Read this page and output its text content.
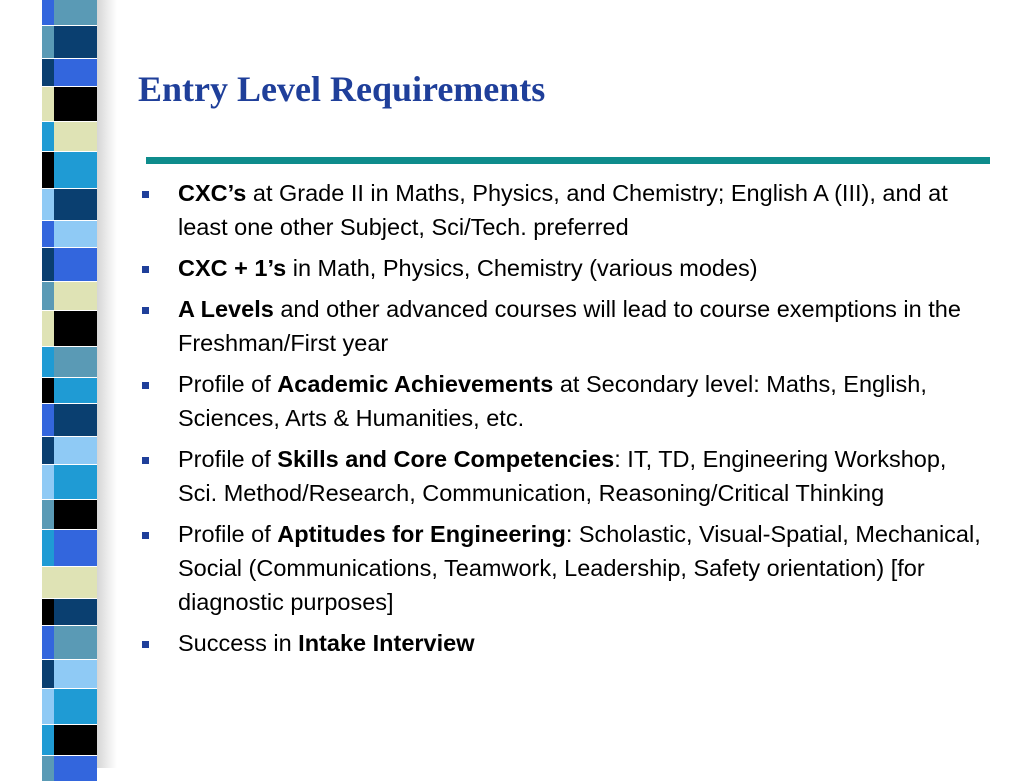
Entry Level Requirements
CXC’s at Grade II in Maths, Physics, and Chemistry; English A (III), and at least one other Subject, Sci/Tech. preferred
CXC + 1’s in Math, Physics, Chemistry (various modes)
A Levels and other advanced courses will lead to course exemptions in the Freshman/First year
Profile of Academic Achievements at Secondary level: Maths, English, Sciences, Arts & Humanities, etc.
Profile of Skills and Core Competencies: IT, TD, Engineering Workshop, Sci. Method/Research, Communication, Reasoning/Critical Thinking
Profile of Aptitudes for Engineering: Scholastic, Visual-Spatial, Mechanical, Social (Communications, Teamwork, Leadership, Safety orientation) [for diagnostic purposes]
Success in Intake Interview
